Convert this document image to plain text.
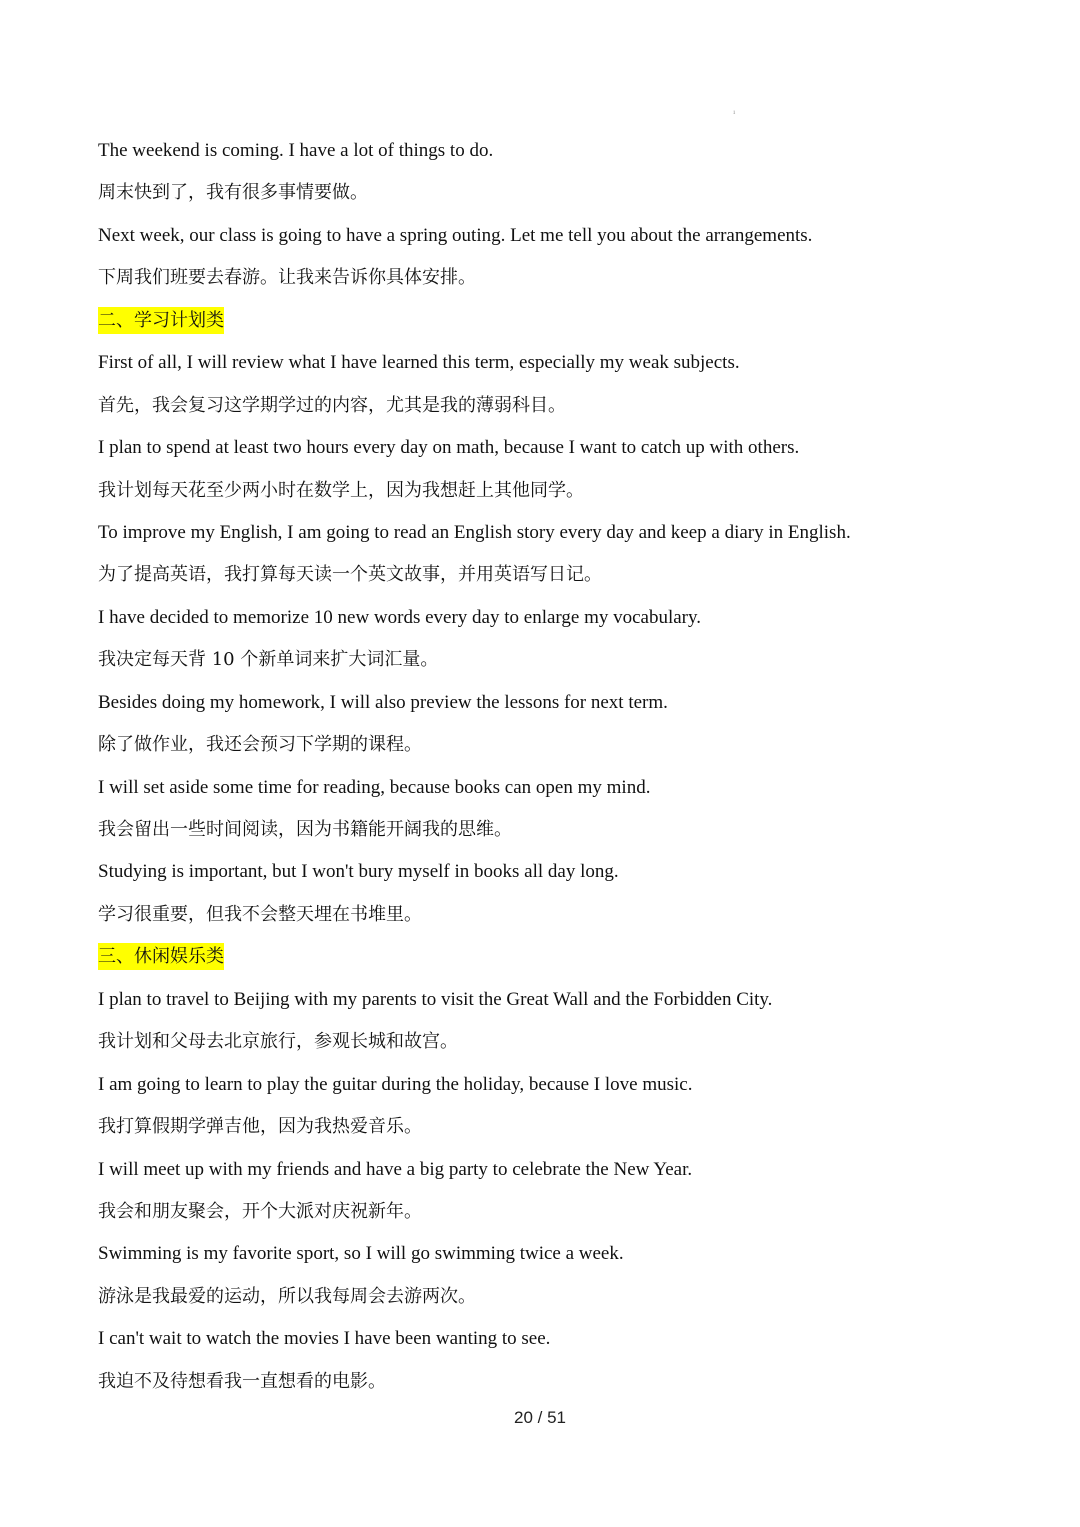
¹
The weekend is coming. I have a lot of things to do.
周末快到了，我有很多事情要做。
Next week, our class is going to have a spring outing. Let me tell you about the arrangements.
下周我们班要去春游。让我来告诉你具体安排。
二、学习计划类
First of all, I will review what I have learned this term, especially my weak subjects.
首先，我会复习这学期学过的内容，尤其是我的薄弱科目。
I plan to spend at least two hours every day on math, because I want to catch up with others.
我计划每天花至少两小时在数学上，因为我想赶上其他同学。
To improve my English, I am going to read an English story every day and keep a diary in English.
为了提高英语，我打算每天读一个英文故事，并用英语写日记。
I have decided to memorize 10 new words every day to enlarge my vocabulary.
我决定每天背 10 个新单词来扩大词汇量。
Besides doing my homework, I will also preview the lessons for next term.
除了做作业，我还会预习下学期的课程。
I will set aside some time for reading, because books can open my mind.
我会留出一些时间阅读，因为书籍能开阔我的思维。
Studying is important, but I won't bury myself in books all day long.
学习很重要，但我不会整天埋在书堆里。
三、休闲娱乐类
I plan to travel to Beijing with my parents to visit the Great Wall and the Forbidden City.
我计划和父母去北京旅行，参观长城和故宫。
I am going to learn to play the guitar during the holiday, because I love music.
我打算假期学弹吉他，因为我热爱音乐。
I will meet up with my friends and have a big party to celebrate the New Year.
我会和朋友聚会，开个大派对庆祝新年。
Swimming is my favorite sport, so I will go swimming twice a week.
游泳是我最爱的运动，所以我每周会去游两次。
I can't wait to watch the movies I have been wanting to see.
我迫不及待想看我一直想看的电影。
20 / 51
